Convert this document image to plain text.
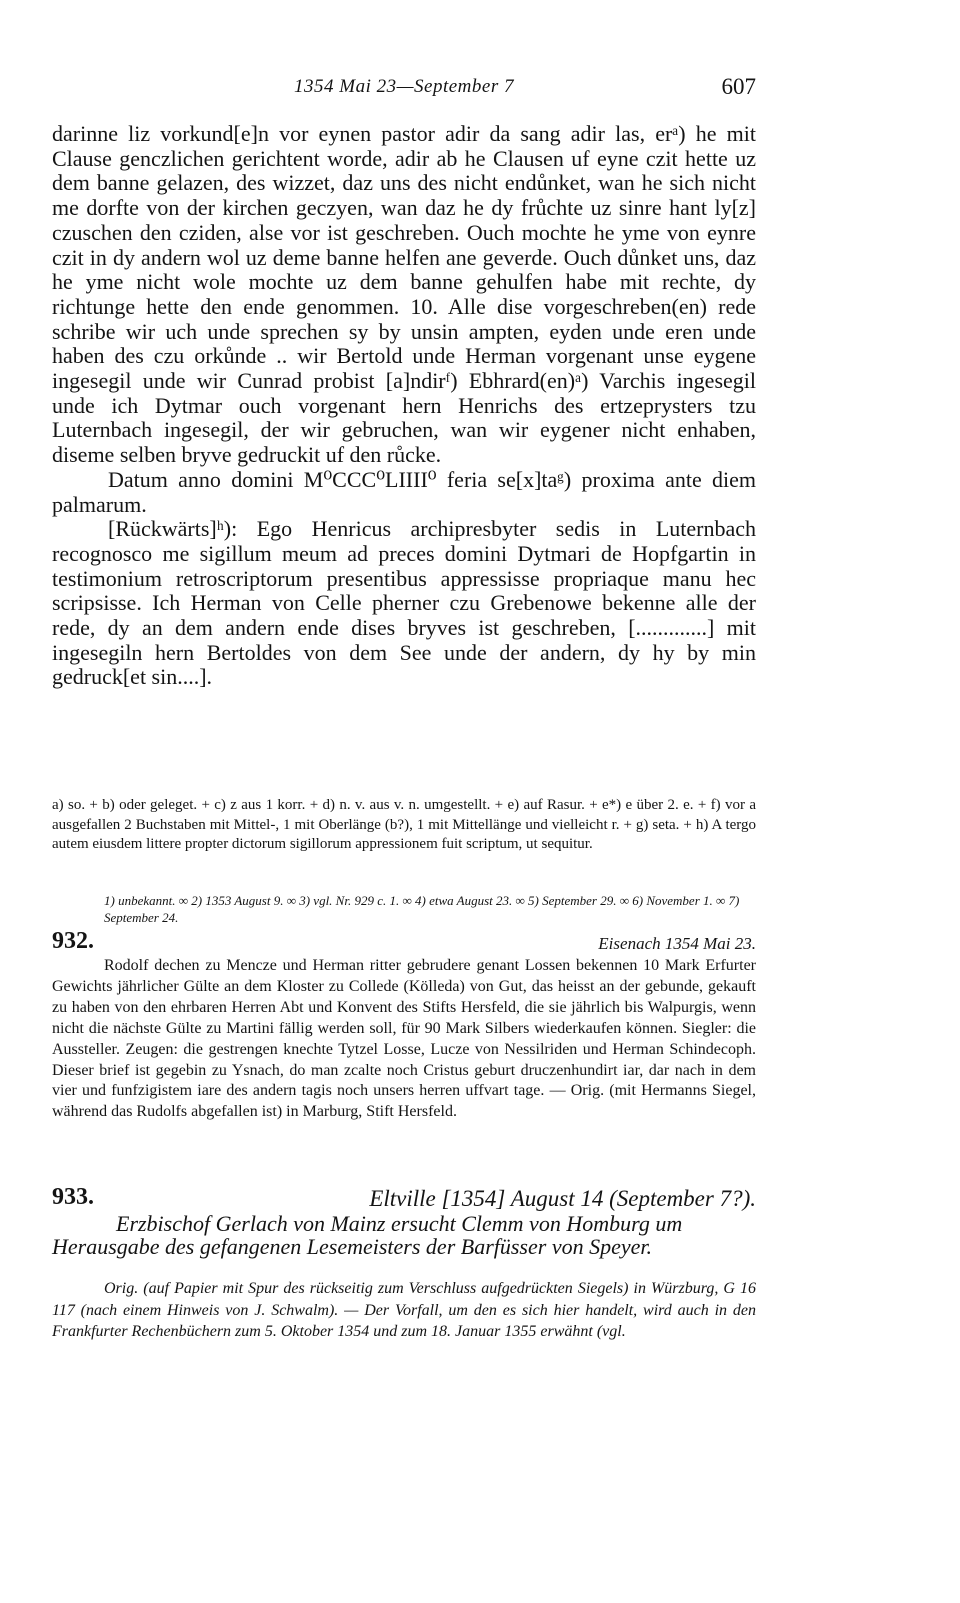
1354 Mai 23—September 7	607

darinne liz vorkund[e]n vor eynen pastor adir da sang adir las, erᵃ) he mit Clause genczlichen gerichtent worde, adir ab he Clausen uf eyne czit hette uz dem banne gelazen, des wizzet, daz uns des nicht endůnket, wan he sich nicht me dorfte von der kirchen geczyen, wan daz he dy frůchte uz sinre hant ly[z] czuschen den cziden, alse vor ist geschreben. Ouch mochte he yme von eynre czit in dy andern wol uz deme banne helfen ane geverde. Ouch důnket uns, daz he yme nicht wole mochte uz dem banne gehulfen habe mit rechte, dy richtunge hette den ende genommen. 10. Alle dise vorgeschreben(en) rede schribe wir uch unde sprechen sy by unsin ampten, eyden unde eren unde haben des czu orkůnde .. wir Bertold unde Herman vorgenant unse eygene ingesegil unde wir Cunrad probist [a]ndirᶠ) Ebhrard(en)ᵃ) Varchis ingesegil unde ich Dytmar ouch vorgenant hern Henrichs des ertzeprysters tzu Luternbach ingesegil, der wir gebruchen, wan wir eygener nicht enhaben, diseme selben bryve gedruckit uf den růcke.

Datum anno domini M⁰CCC⁰LIIII⁰ feria se[x]taᵍ) proxima ante diem palmarum.

[Rückwärts]ʰ): Ego Henricus archipresbyter sedis in Luternbach recognosco me sigillum meum ad preces domini Dytmari de Hopfgartin in testimonium retroscriptorum presentibus appressisse propriaque manu hec scripsisse. Ich Herman von Celle pherner czu Grebenowe bekenne alle der rede, dy an dem andern ende dises bryves ist geschreben, [.............] mit ingesegiln hern Bertoldes von dem See unde der andern, dy hy by min gedruck[et sin....].

a) so. + b) oder geleget. + c) z aus 1 korr. + d) n. v. aus v. n. umgestellt. + e) auf Rasur. + e*) e über 2. e. + f) vor a ausgefallen 2 Buchstaben mit Mittel-, 1 mit Oberlänge (b?), 1 mit Mittellänge und vielleicht r. + g) seta. + h) A tergo autem eiusdem littere propter dictorum sigillorum appressionem fuit scriptum, ut sequitur.

1) unbekannt. ∞ 2) 1353 August 9. ∞ 3) vgl. Nr. 929 c. 1. ∞ 4) etwa August 23. ∞ 5) September 29. ∞ 6) November 1. ∞ 7) September 24.

932.	Eisenach 1354 Mai 23.

Rodolf dechen zu Mencze und Herman ritter gebrudere genant Lossen bekennen 10 Mark Erfurter Gewichts jährlicher Gülte an dem Kloster zu Collede (Kölleda) von Gut, das heisst an der gebunde, gekauft zu haben von den ehrbaren Herren Abt und Konvent des Stifts Hersfeld, die sie jährlich bis Walpurgis, wenn nicht die nächste Gülte zu Martini fällig werden soll, für 90 Mark Silbers wiederkaufen können. Siegler: die Aussteller. Zeugen: die gestrengen knechte Tytzel Losse, Lucze von Nessilriden und Herman Schindecoph. Dieser brief ist gegebin zu Ysnach, do man zcalte noch Cristus geburt druczenhundirt iar, dar nach in dem vier und funfzigistem iare des andern tagis noch unsers herren uffvart tage. — Orig. (mit Hermanns Siegel, während das Rudolfs abgefallen ist) in Marburg, Stift Hersfeld.

933.	Eltville [1354] August 14 (September 7?).

Erzbischof Gerlach von Mainz ersucht Clemm von Homburg um Herausgabe des gefangenen Lesemeisters der Barfüsser von Speyer.

Orig. (auf Papier mit Spur des rückseitig zum Verschluss aufgedrückten Siegels) in Würzburg, G 16 117 (nach einem Hinweis von J. Schwalm). — Der Vorfall, um den es sich hier handelt, wird auch in den Frankfurter Rechenbüchern zum 5. Oktober 1354 und zum 18. Januar 1355 erwähnt (vgl.
